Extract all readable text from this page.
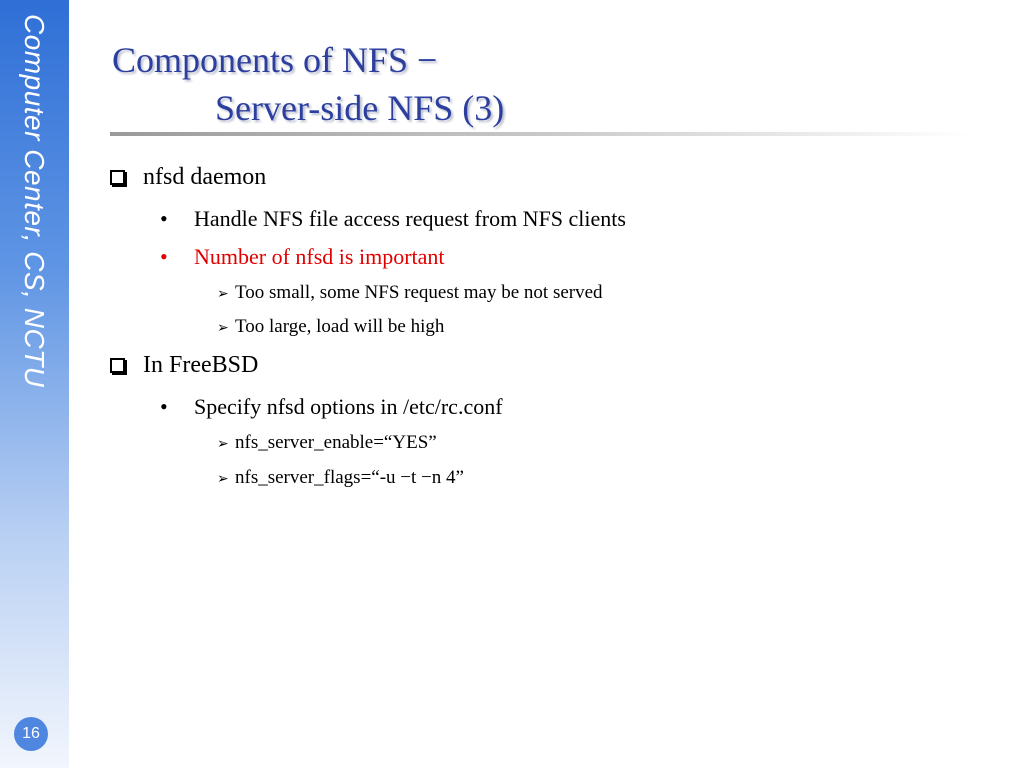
Computer Center, CS, NCTU
16
Components of NFS −
Server-side NFS (3)
nfsd daemon
• Handle NFS file access request from NFS clients
• Number of nfsd is important
➢ Too small, some NFS request may be not served
➢ Too large, load will be high
In FreeBSD
• Specify nfsd options in /etc/rc.conf
➢ nfs_server_enable=“YES”
➢ nfs_server_flags=“-u −t −n 4”
